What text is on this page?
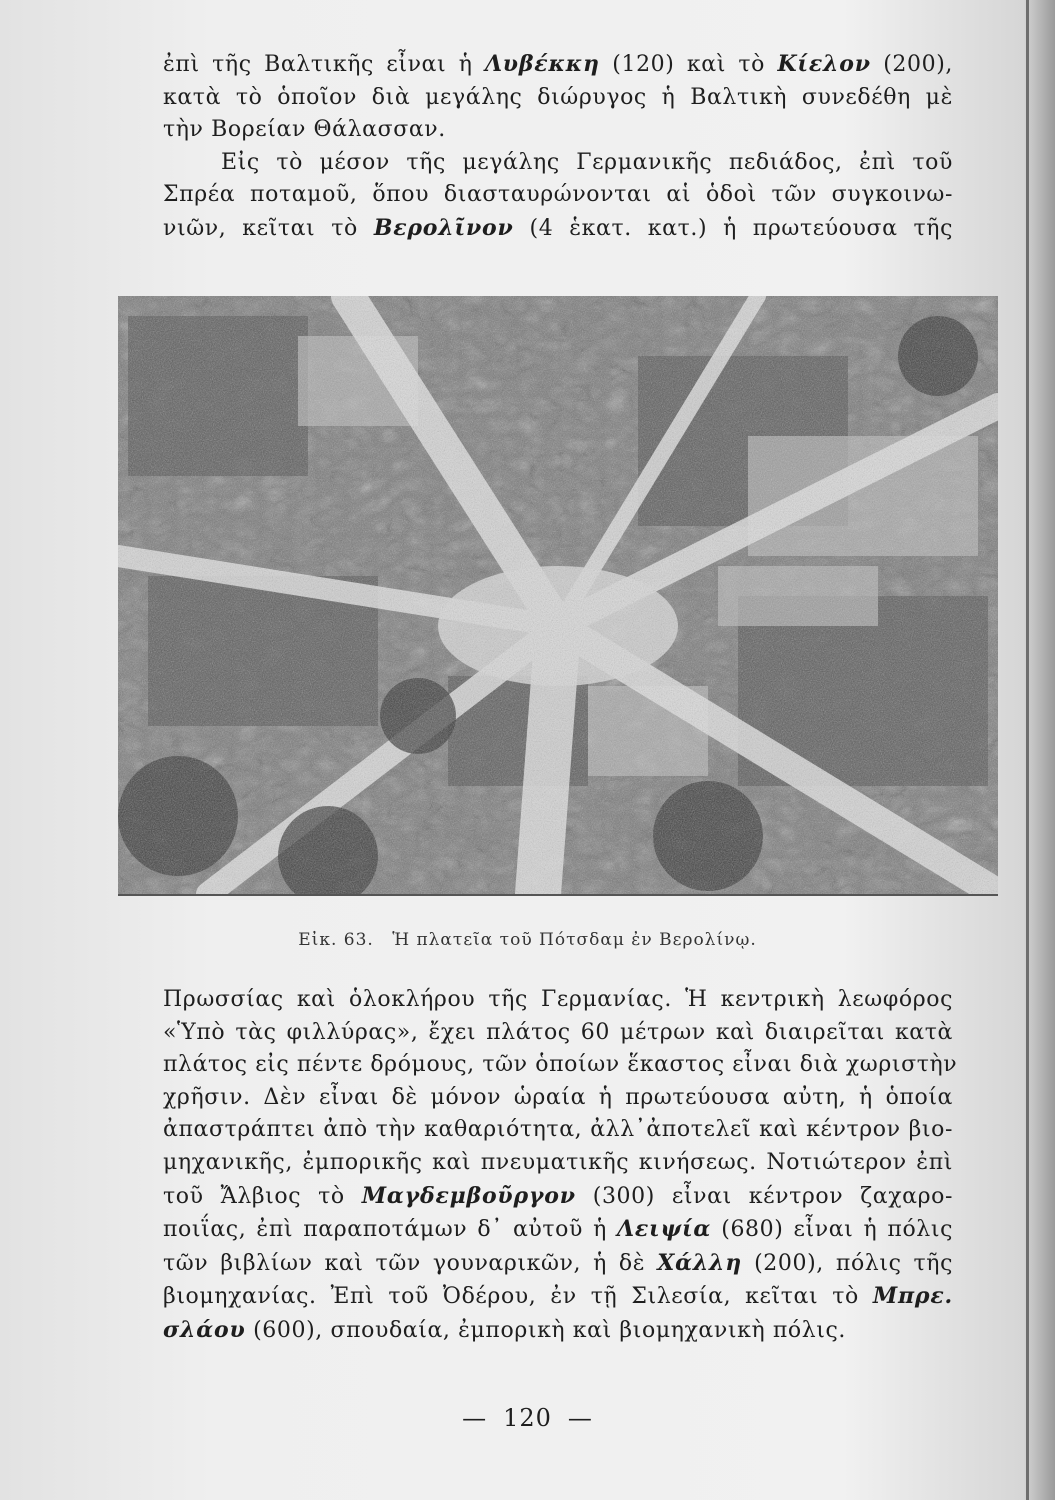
ἐπὶ τῆς Βαλτικῆς εἶναι ἡ Λυβέκκη (120) καὶ τὸ Κίελον (200),
κατὰ τὸ ὁποῖον διὰ μεγάλης διώρυγος ἡ Βαλτικὴ συνεδέθη μὲ
τὴν Βορείαν Θάλασσαν.
Εἰς τὸ μέσον τῆς μεγάλης Γερμανικῆς πεδιάδος, ἐπὶ τοῦ
Σπρέα ποταμοῦ, ὅπου διασταυρώνονται αἱ ὁδοὶ τῶν συγκοινω-
νιῶν, κεῖται τὸ Βερολῖνον (4 ἑκατ. κατ.) ἡ πρωτεύουσα τῆς
Εἰκ. 63. Ἡ πλατεῖα τοῦ Πότσδαμ ἐν Βερολίνῳ.
Πρωσσίας καὶ ὁλοκλήρου τῆς Γερμανίας. Ἡ κεντρικὴ λεωφόρος
«Ὑπὸ τὰς φιλλύρας», ἔχει πλάτος 60 μέτρων καὶ διαιρεῖται κατὰ
πλάτος εἰς πέντε δρόμους, τῶν ὁποίων ἕκαστος εἶναι διὰ χωριστὴν
χρῆσιν. Δὲν εἶναι δὲ μόνον ὡραία ἡ πρωτεύουσα αὐτη, ἡ ὁποία
ἀπαστράπτει ἀπὸ τὴν καθαριότητα, ἀλλ᾽ἀποτελεῖ καὶ κέντρον βιο-
μηχανικῆς, ἐμπορικῆς καὶ πνευματικῆς κινήσεως. Νοτιώτερον ἐπὶ
τοῦ Ἄλβιος τὸ Μαγδεμβοῦργον (300) εἶναι κέντρον ζαχαρο-
ποιΐας, ἐπὶ παραποτάμων δ᾽ αὐτοῦ ἡ Λειψία (680) εἶναι ἡ πόλις
τῶν βιβλίων καὶ τῶν γουναρικῶν, ἡ δὲ Χάλλη (200), πόλις τῆς
βιομηχανίας. Ἐπὶ τοῦ Ὀδέρου, ἐν τῇ Σιλεσία, κεῖται τὸ Μπρε.
σλάου (600), σπουδαία, ἐμπορικὴ καὶ βιομηχανικὴ πόλις.
— 120 —
